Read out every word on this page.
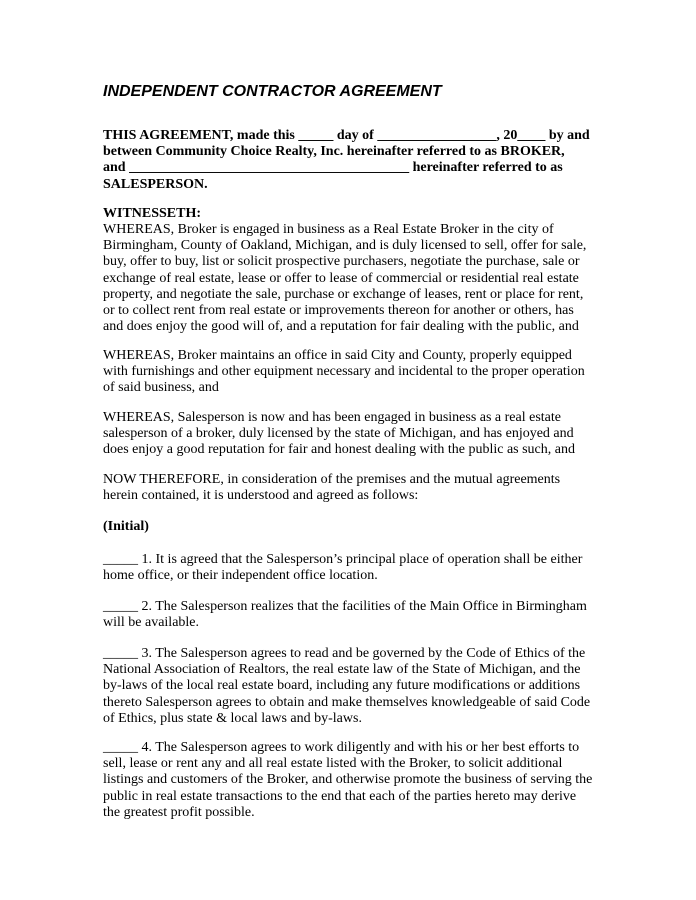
INDEPENDENT CONTRACTOR AGREEMENT

THIS AGREEMENT, made this _____ day of _________________, 20____ by and
between Community Choice Realty, Inc. hereinafter referred to as BROKER,
and ________________________________________ hereinafter referred to as
SALESPERSON.

WITNESSETH:

WHEREAS, Broker is engaged in business as a Real Estate Broker in the city of Birmingham, County of Oakland, Michigan, and is duly licensed to sell, offer for sale, buy, offer to buy, list or solicit prospective purchasers, negotiate the purchase, sale or exchange of real estate, lease or offer to lease of commercial or residential real estate property, and negotiate the sale, purchase or exchange of leases, rent or place for rent, or to collect rent from real estate or improvements thereon for another or others, has and does enjoy the good will of, and a reputation for fair dealing with the public, and

WHEREAS, Broker maintains an office in said City and County, properly equipped with furnishings and other equipment necessary and incidental to the proper operation of said business, and

WHEREAS, Salesperson is now and has been engaged in business as a real estate salesperson of a broker, duly licensed by the state of Michigan, and has enjoyed and does enjoy a good reputation for fair and honest dealing with the public as such, and

NOW THEREFORE, in consideration of the premises and the mutual agreements herein contained, it is understood and agreed as follows:

(Initial)

_____ 1. It is agreed that the Salesperson’s principal place of operation shall be either home office, or their independent office location.

_____ 2. The Salesperson realizes that the facilities of the Main Office in Birmingham will be available.

_____ 3. The Salesperson agrees to read and be governed by the Code of Ethics of the National Association of Realtors, the real estate law of the State of Michigan, and the by-laws of the local real estate board, including any future modifications or additions thereto Salesperson agrees to obtain and make themselves knowledgeable of said Code of Ethics, plus state & local laws and by-laws.

_____ 4. The Salesperson agrees to work diligently and with his or her best efforts to sell, lease or rent any and all real estate listed with the Broker, to solicit additional listings and customers of the Broker, and otherwise promote the business of serving the public in real estate transactions to the end that each of the parties hereto may derive the greatest profit possible.
